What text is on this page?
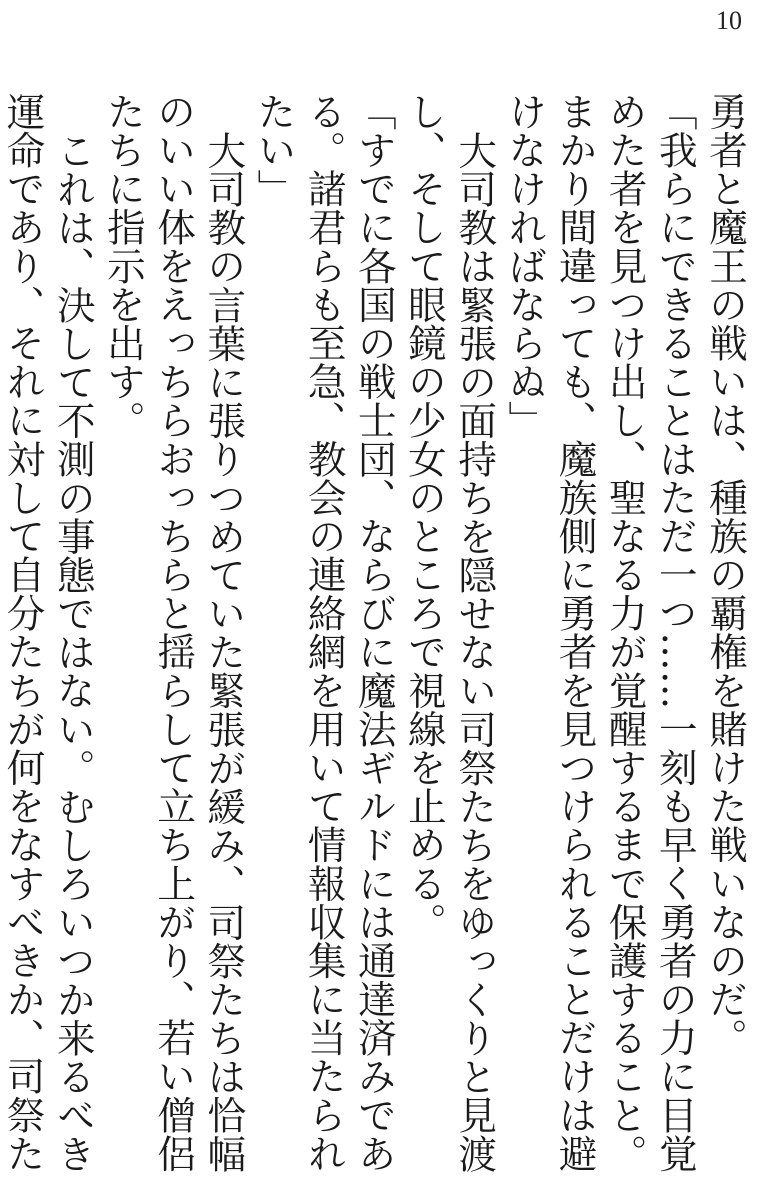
10

勇者と魔王の戦いは、種族の覇権を賭けた戦いなのだ。

「我らにできることはただ一つ……一刻も早く勇者の力に目覚めた者を見つけ出し、聖なる力が覚醒するまで保護すること。まかり間違っても、魔族側に勇者を見つけられることだけは避けなければならぬ」

大司教は緊張の面持ちを隠せない司祭たちをゆっくりと見渡し、そして眼鏡の少女のところで視線を止める。

「すでに各国の戦士団、ならびに魔法ギルドには通達済みである。諸君らも至急、教会の連絡網を用いて情報収集に当たられたい」

大司教の言葉に張りつめていた緊張が緩み、司祭たちは恰幅のいい体をえっちらおっちらと揺らして立ち上がり、若い僧侶たちに指示を出す。

これは、決して不測の事態ではない。むしろいつか来るべき運命であり、それに対して自分たちが何をなすべきか、司祭た
